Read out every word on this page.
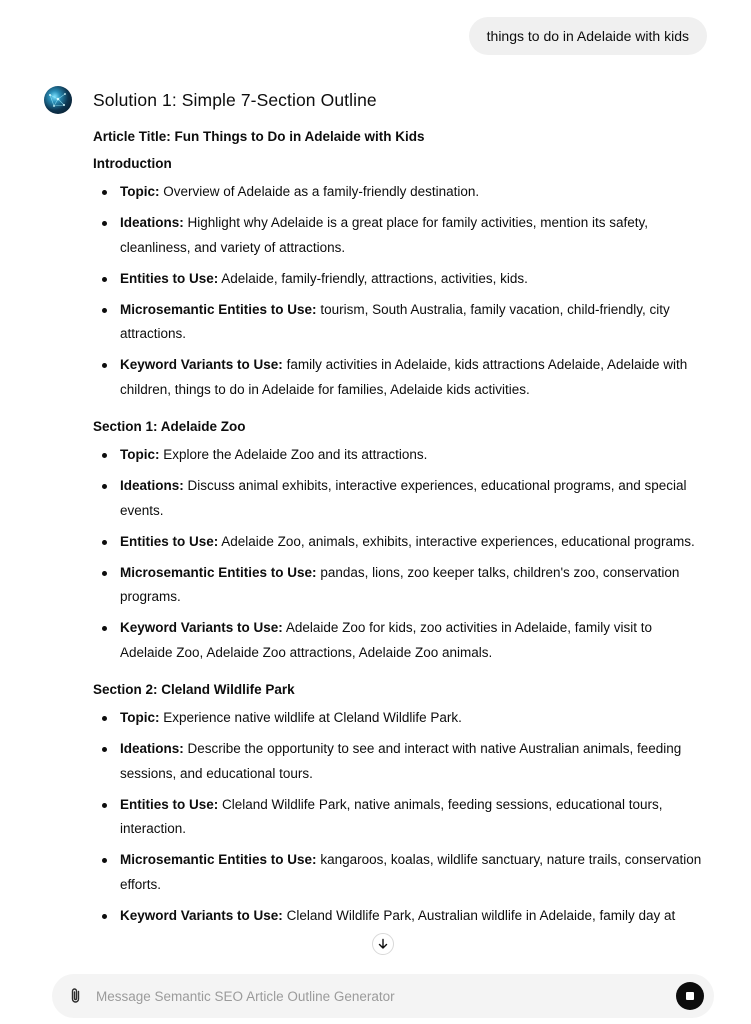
things to do in Adelaide with kids
Solution 1: Simple 7-Section Outline

Article Title: Fun Things to Do in Adelaide with Kids

Introduction
Topic: Overview of Adelaide as a family-friendly destination.
Ideations: Highlight why Adelaide is a great place for family activities, mention its safety, cleanliness, and variety of attractions.
Entities to Use: Adelaide, family-friendly, attractions, activities, kids.
Microsemantic Entities to Use: tourism, South Australia, family vacation, child-friendly, city attractions.
Keyword Variants to Use: family activities in Adelaide, kids attractions Adelaide, Adelaide with children, things to do in Adelaide for families, Adelaide kids activities.
Section 1: Adelaide Zoo
Topic: Explore the Adelaide Zoo and its attractions.
Ideations: Discuss animal exhibits, interactive experiences, educational programs, and special events.
Entities to Use: Adelaide Zoo, animals, exhibits, interactive experiences, educational programs.
Microsemantic Entities to Use: pandas, lions, zoo keeper talks, children's zoo, conservation programs.
Keyword Variants to Use: Adelaide Zoo for kids, zoo activities in Adelaide, family visit to Adelaide Zoo, Adelaide Zoo attractions, Adelaide Zoo animals.
Section 2: Cleland Wildlife Park
Topic: Experience native wildlife at Cleland Wildlife Park.
Ideations: Describe the opportunity to see and interact with native Australian animals, feeding sessions, and educational tours.
Entities to Use: Cleland Wildlife Park, native animals, feeding sessions, educational tours, interaction.
Microsemantic Entities to Use: kangaroos, koalas, wildlife sanctuary, nature trails, conservation efforts.
Keyword Variants to Use: Cleland Wildlife Park, Australian wildlife in Adelaide, family day at
Message Semantic SEO Article Outline Generator
